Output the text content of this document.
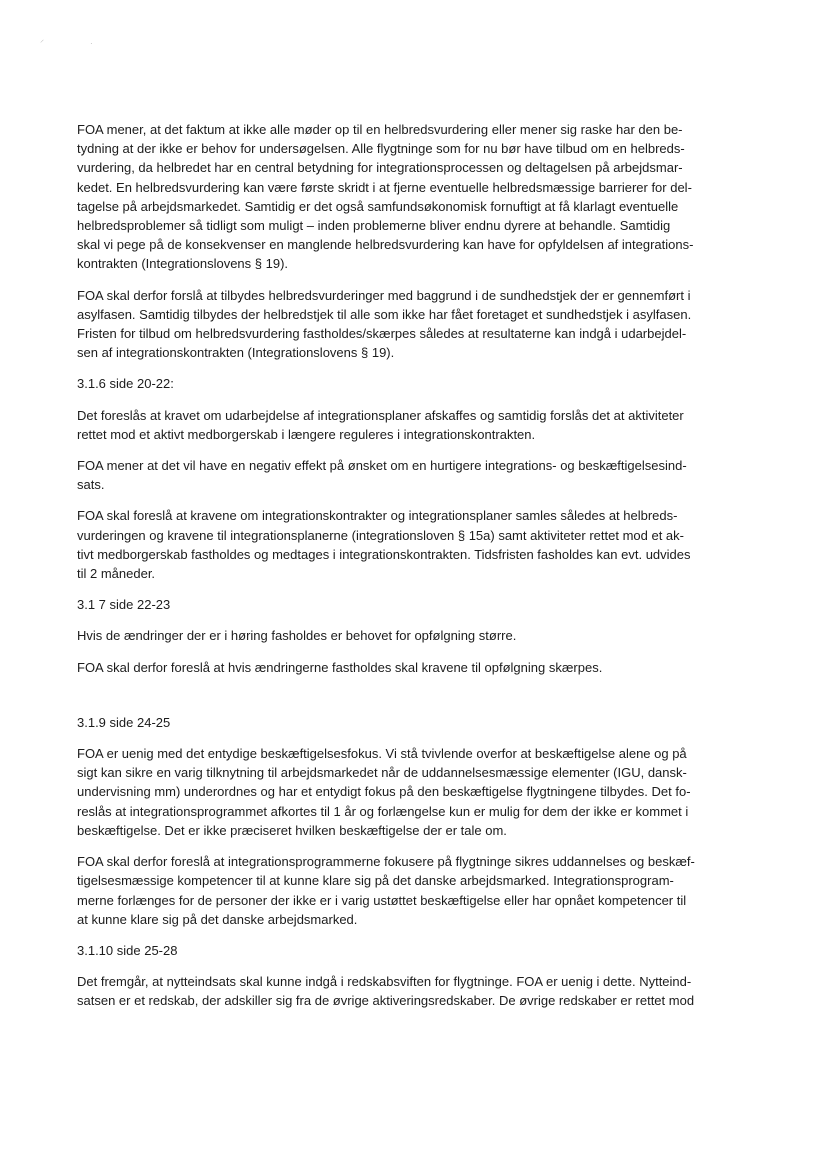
⸝	·

FOA mener, at det faktum at ikke alle møder op til en helbredsvurdering eller mener sig raske har den be-
tydning at der ikke er behov for undersøgelsen. Alle flygtninge som for nu bør have tilbud om en helbreds-
vurdering, da helbredet har en central betydning for integrationsprocessen og deltagelsen på arbejdsmar-
kedet. En helbredsvurdering kan være første skridt i at fjerne eventuelle helbredsmæssige barrierer for del-
tagelse på arbejdsmarkedet. Samtidig er det også samfundsøkonomisk fornuftigt at få klarlagt eventuelle
helbredsproblemer så tidligt som muligt – inden problemerne bliver endnu dyrere at behandle. Samtidig
skal vi pege på de konsekvenser en manglende helbredsvurdering kan have for opfyldelsen af integrations-
kontrakten (Integrationslovens § 19).

FOA skal derfor forslå at tilbydes helbredsvurderinger med baggrund i de sundhedstjek der er gennemført i
asylfasen. Samtidig tilbydes der helbredstjek til alle som ikke har fået foretaget et sundhedstjek i asylfasen.
Fristen for tilbud om helbredsvurdering fastholdes/skærpes således at resultaterne kan indgå i udarbejdel-
sen af integrationskontrakten (Integrationslovens § 19).

3.1.6 side 20-22:

Det foreslås at kravet om udarbejdelse af integrationsplaner afskaffes og samtidig forslås det at aktiviteter
rettet mod et aktivt medborgerskab i længere reguleres i integrationskontrakten.

FOA mener at det vil have en negativ effekt på ønsket om en hurtigere integrations- og beskæftigelsesind-
sats.

FOA skal foreslå at kravene om integrationskontrakter og integrationsplaner samles således at helbreds-
vurderingen og kravene til integrationsplanerne (integrationsloven § 15a) samt aktiviteter rettet mod et ak-
tivt medborgerskab fastholdes og medtages i integrationskontrakten. Tidsfristen fasholdes kan evt. udvides
til 2 måneder.

3.1 7 side 22-23

Hvis de ændringer der er i høring fasholdes er behovet for opfølgning større.

FOA skal derfor foreslå at hvis ændringerne fastholdes skal kravene til opfølgning skærpes.

3.1.9 side 24-25

FOA er uenig med det entydige beskæftigelsesfokus. Vi stå tvivlende overfor at beskæftigelse alene og på
sigt kan sikre en varig tilknytning til arbejdsmarkedet når de uddannelsesmæssige elementer (IGU, dansk-
undervisning mm) underordnes og har et entydigt fokus på den beskæftigelse flygtningene tilbydes. Det fo-
reslås at integrationsprogrammet afkortes til 1 år og forlængelse kun er mulig for dem der ikke er kommet i
beskæftigelse. Det er ikke præciseret hvilken beskæftigelse der er tale om.

FOA skal derfor foreslå at integrationsprogrammerne fokusere på flygtninge sikres uddannelses og beskæf-
tigelsesmæssige kompetencer til at kunne klare sig på det danske arbejdsmarked. Integrationsprogram-
merne forlænges for de personer der ikke er i varig ustøttet beskæftigelse eller har opnået kompetencer til
at kunne klare sig på det danske arbejdsmarked.

3.1.10 side 25-28

Det fremgår, at nytteindsats skal kunne indgå i redskabsviften for flygtninge. FOA er uenig i dette. Nytteind-
satsen er et redskab, der adskiller sig fra de øvrige aktiveringsredskaber. De øvrige redskaber er rettet mod
